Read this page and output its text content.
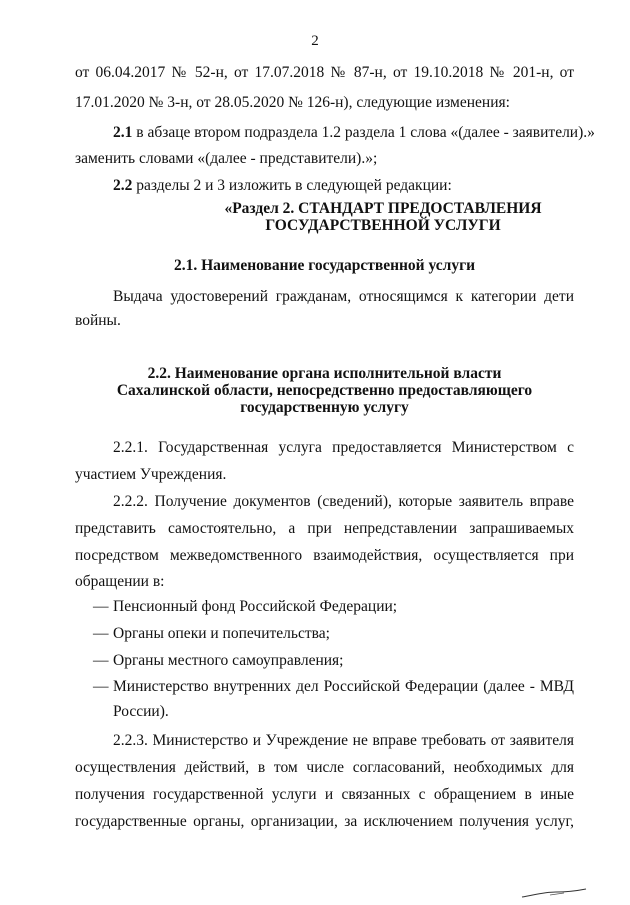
2
от 06.04.2017 № 52-н, от 17.07.2018 № 87-н, от 19.10.2018 № 201-н, от
17.01.2020 № 3-н, от 28.05.2020 № 126-н), следующие изменения:
2.1 в абзаце втором подраздела 1.2 раздела 1 слова «(далее - заявители).»
заменить словами «(далее - представители).»;
2.2 разделы 2 и 3 изложить в следующей редакции:
«Раздел 2. СТАНДАРТ ПРЕДОСТАВЛЕНИЯ
ГОСУДАРСТВЕННОЙ УСЛУГИ
2.1. Наименование государственной услуги
Выдача удостоверений гражданам, относящимся к категории дети
войны.
2.2. Наименование органа исполнительной власти
Сахалинской области, непосредственно предоставляющего
государственную услугу
2.2.1. Государственная услуга предоставляется Министерством с
участием Учреждения.
2.2.2. Получение документов (сведений), которые заявитель вправе
представить самостоятельно, а при непредставлении запрашиваемых
посредством межведомственного взаимодействия, осуществляется при
обращении в:
— Пенсионный фонд Российской Федерации;
— Органы опеки и попечительства;
— Органы местного самоуправления;
— Министерство внутренних дел Российской Федерации (далее - МВД
России).
2.2.3. Министерство и Учреждение не вправе требовать от заявителя
осуществления действий, в том числе согласований, необходимых для
получения государственной услуги и связанных с обращением в иные
государственные органы, организации, за исключением получения услуг,
